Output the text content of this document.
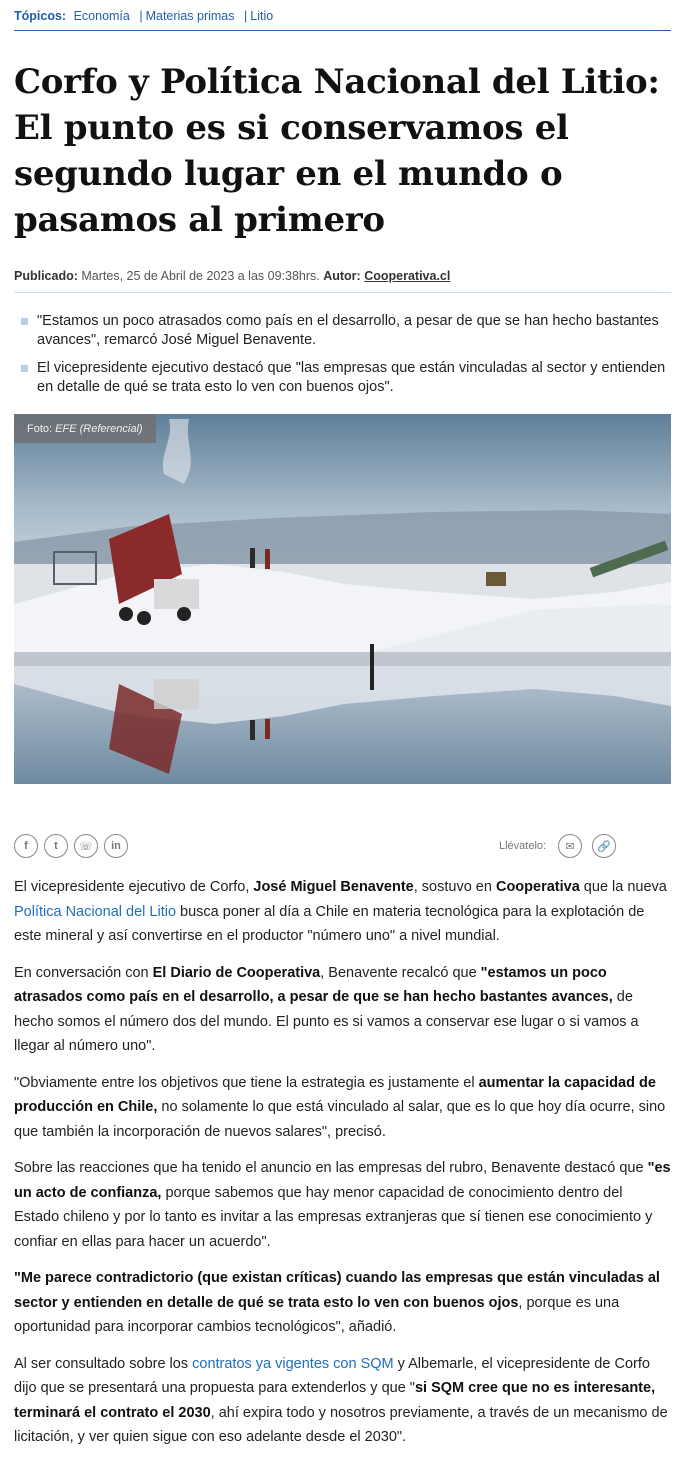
Tópicos: Economía | Materias primas | Litio
Corfo y Política Nacional del Litio: El punto es si conservamos el segundo lugar en el mundo o pasamos al primero
Publicado: Martes, 25 de Abril de 2023 a las 09:38hrs. Autor: Cooperativa.cl
"Estamos un poco atrasados como país en el desarrollo, a pesar de que se han hecho bastantes avances", remarcó José Miguel Benavente.
El vicepresidente ejecutivo destacó que "las empresas que están vinculadas al sector y entienden en detalle de qué se trata esto lo ven con buenos ojos".
Foto: EFE (Referencial)
f	t	☏	in	Llévatelo:	✉	🔗

El vicepresidente ejecutivo de Corfo, José Miguel Benavente, sostuvo en Cooperativa que la nueva Política Nacional del Litio busca poner al día a Chile en materia tecnológica para la explotación de este mineral y así convertirse en el productor "número uno" a nivel mundial.

En conversación con El Diario de Cooperativa, Benavente recalcó que "estamos un poco atrasados como país en el desarrollo, a pesar de que se han hecho bastantes avances, de hecho somos el número dos del mundo. El punto es si vamos a conservar ese lugar o si vamos a llegar al número uno".

"Obviamente entre los objetivos que tiene la estrategia es justamente el aumentar la capacidad de producción en Chile, no solamente lo que está vinculado al salar, que es lo que hoy día ocurre, sino que también la incorporación de nuevos salares", precisó.

Sobre las reacciones que ha tenido el anuncio en las empresas del rubro, Benavente destacó que "es un acto de confianza, porque sabemos que hay menor capacidad de conocimiento dentro del Estado chileno y por lo tanto es invitar a las empresas extranjeras que sí tienen ese conocimiento y confiar en ellas para hacer un acuerdo".

"Me parece contradictorio (que existan críticas) cuando las empresas que están vinculadas al sector y entienden en detalle de qué se trata esto lo ven con buenos ojos, porque es una oportunidad para incorporar cambios tecnológicos", añadió.

Al ser consultado sobre los contratos ya vigentes con SQM y Albemarle, el vicepresidente de Corfo dijo que se presentará una propuesta para extenderlos y que "si SQM cree que no es interesante, terminará el contrato el 2030, ahí expira todo y nosotros previamente, a través de un mecanismo de licitación, y ver quien sigue con eso adelante desde el 2030".
